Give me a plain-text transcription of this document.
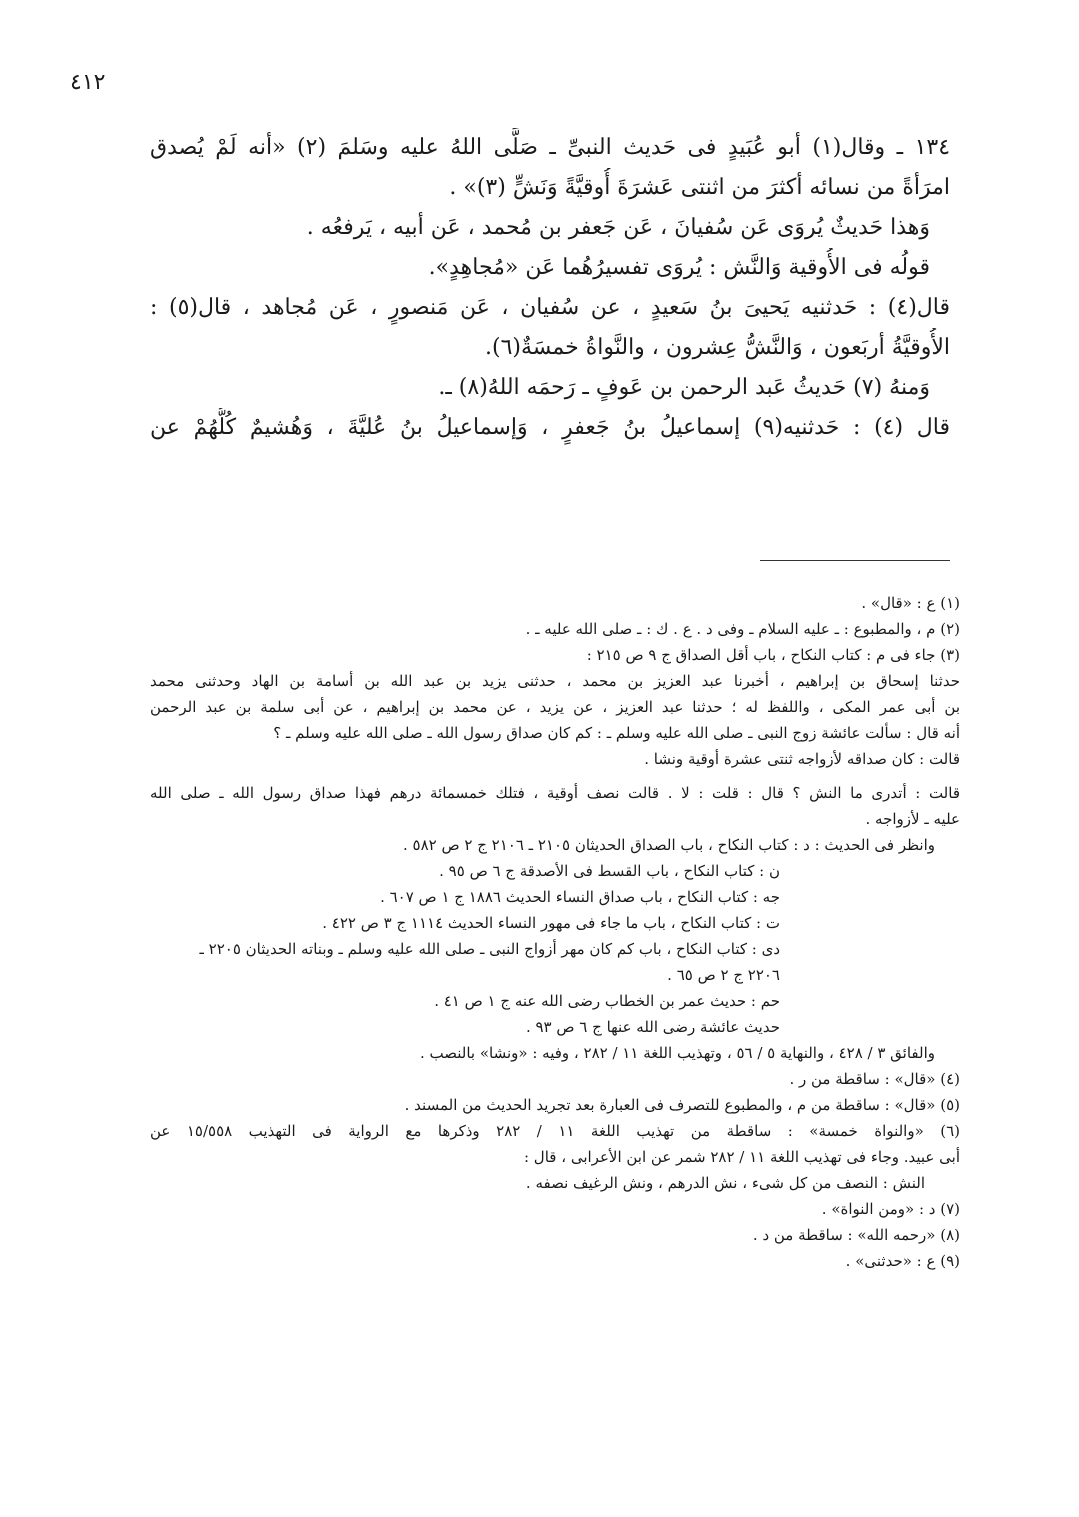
٤١٢
١٣٤ ـ وقال(١) أبو عُبَيدٍ فى حَديث النبىِّ ـ صَلَّى اللهُ عليه وسَلمَ (٢) «أنه لَمْ يُصدق
امرَأةً من نسائه أكثرَ من اثنتى عَشرَةَ أُوقيَّةً وَنَشٍّ (٣)» .
وَهذا حَديثٌ يُروَى عَن سُفيانَ ، عَن جَعفر بن مُحمد ، عَن أبيه ، يَرفعُه .
قولُه فى الأُوقية وَالنَّش : يُروَى تفسيرُهُما عَن «مُجاهِدٍ».
قال(٤) : حَدثنيه يَحيىَ بنُ سَعيدٍ ، عن سُفيان ، عَن مَنصورٍ ، عَن مُجاهد ، قال(٥) :
الأُوقيَّةُ أربَعون ، وَالنَّشُّ عِشرون ، والنَّواةُ خمسَةٌ(٦).
وَمنهُ (٧) حَديثُ عَبد الرحمن بن عَوفٍ ـ رَحمَه اللهُ(٨) ـ.
قال (٤) : حَدثنيه(٩) إسماعيلُ بنُ جَعفرٍ ، وَإسماعيلُ بنُ عُليَّةَ ، وَهُشيمٌ كُلُّهُمْ عن
(١) ع : «قال» .
(٢) م ، والمطبوع : ـ عليه السلام ـ وفى د . ع . ك : ـ صلى الله عليه ـ .
(٣) جاء فى م : كتاب النكاح ، باب أقل الصداق ج ٩ ص ٢١٥ :
حدثنا إسحاق بن إبراهيم ، أخبرنا عبد العزيز بن محمد ، حدثنى يزيد بن عبد الله بن أسامة بن الهاد وحدثنى محمد
بن أبى عمر المكى ، واللفظ له ؛ حدثنا عبد العزيز ، عن يزيد ، عن محمد بن إبراهيم ، عن أبى سلمة بن عبد الرحمن
أنه قال : سألت عائشة زوج النبى ـ صلى الله عليه وسلم ـ : كم كان صداق رسول الله ـ صلى الله عليه وسلم ـ ؟
قالت : كان صداقه لأزواجه ثنتى عشرة أوقية ونشا .
قالت : أتدرى ما النش ؟ قال : قلت : لا . قالت نصف أوقية ، فتلك خمسمائة درهم فهذا صداق رسول الله ـ صلى الله
عليه ـ لأزواجه .
وانظر فى الحديث : د : كتاب النكاح ، باب الصداق الحديثان ٢١٠٥ ـ ٢١٠٦ ج ٢ ص ٥٨٢ .
ن : كتاب النكاح ، باب القسط فى الأصدقة ج ٦ ص ٩٥ .
جه : كتاب النكاح ، باب صداق النساء الحديث ١٨٨٦ ج ١ ص ٦٠٧ .
ت : كتاب النكاح ، باب ما جاء فى مهور النساء الحديث ١١١٤ ج ٣ ص ٤٢٢ .
دى : كتاب النكاح ، باب كم كان مهر أزواج النبى ـ صلى الله عليه وسلم ـ وبناته الحديثان ٢٢٠٥ ـ
٢٢٠٦ ج ٢ ص ٦٥ .
حم : حديث عمر بن الخطاب رضى الله عنه ج ١ ص ٤١ .
حديث عائشة رضى الله عنها ج ٦ ص ٩٣ .
والفائق ٣ / ٤٢٨ ، والنهاية ٥ / ٥٦ ، وتهذيب اللغة ١١ / ٢٨٢ ، وفيه : «ونشا» بالنصب .
(٤) «قال» : ساقطة من ر .
(٥) «قال» : ساقطة من م ، والمطبوع للتصرف فى العبارة بعد تجريد الحديث من المسند .
(٦) «والنواة خمسة» : ساقطة من تهذيب اللغة ١١ / ٢٨٢ وذكرها مع الرواية فى التهذيب ١٥/٥٥٨ عن
أبى عبيد. وجاء فى تهذيب اللغة ١١ / ٢٨٢ شمر عن ابن الأعرابى ، قال :
النش : النصف من كل شىء ، نش الدرهم ، ونش الرغيف نصفه .
(٧) د : «ومن النواة» .
(٨) «رحمه الله» : ساقطة من د .
(٩) ع : «حدثنى» .
